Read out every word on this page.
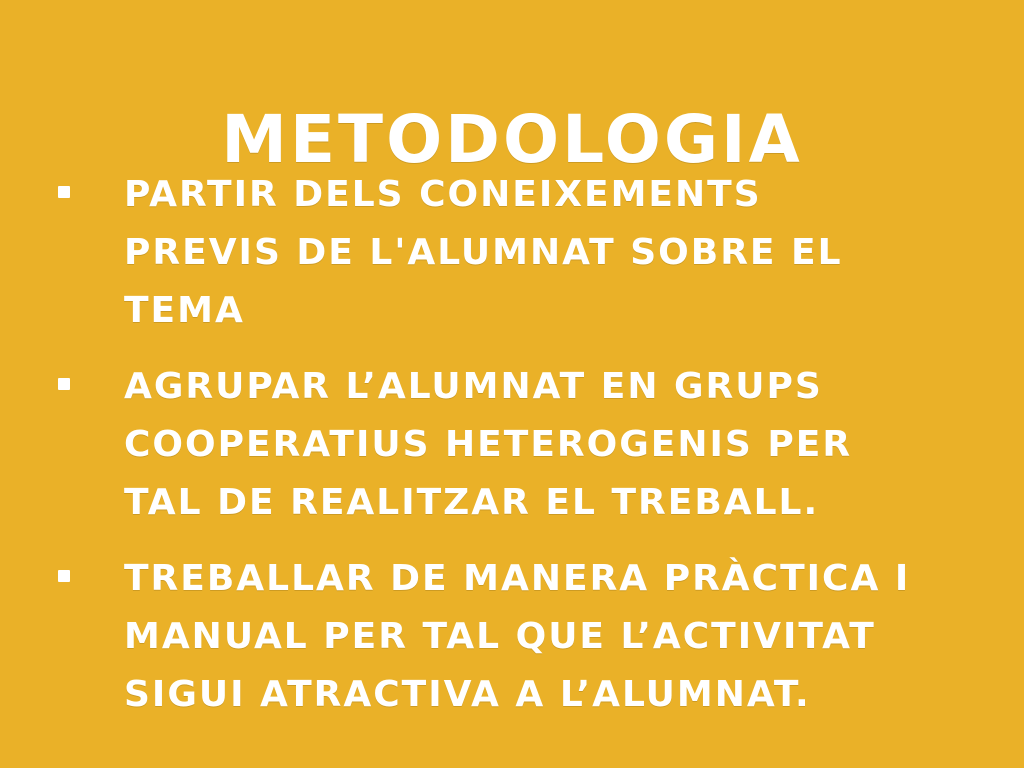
METODOLOGIA
PARTIR DELS CONEIXEMENTS PREVIS DE L'ALUMNAT SOBRE EL TEMA
AGRUPAR L’ALUMNAT EN GRUPS COOPERATIUS HETEROGENIS PER TAL DE REALITZAR EL TREBALL.
TREBALLAR DE MANERA PRÀCTICA I MANUAL PER TAL QUE L’ACTIVITAT SIGUI ATRACTIVA A L’ALUMNAT.
